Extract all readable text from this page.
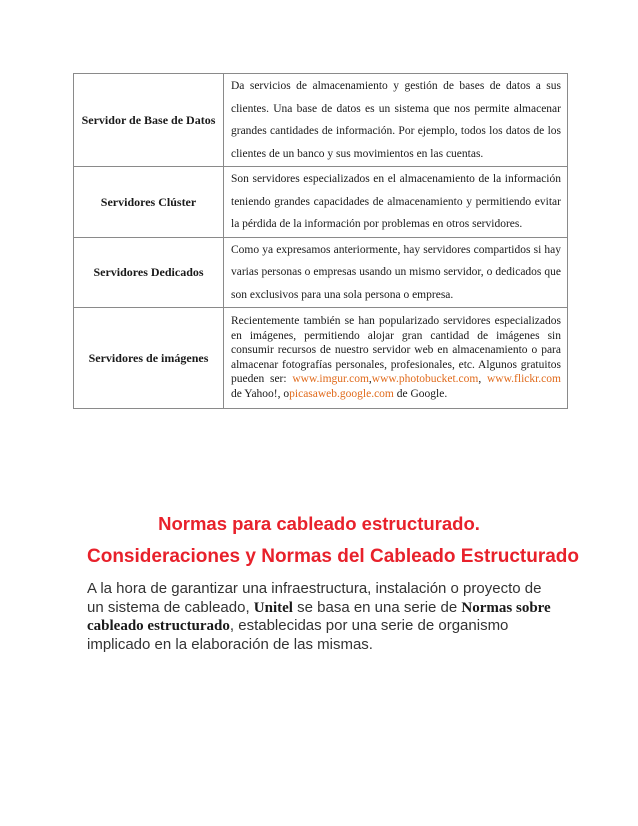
Servidor de Base de Datos	Da servicios de almacenamiento y gestión de bases de datos a sus clientes. Una base de datos es un sistema que nos permite almacenar grandes cantidades de información. Por ejemplo, todos los datos de los clientes de un banco y sus movimientos en las cuentas.
Servidores Clúster	Son servidores especializados en el almacenamiento de la información teniendo grandes capacidades de almacenamiento y permitiendo evitar la pérdida de la información por problemas en otros servidores.
Servidores Dedicados	Como ya expresamos anteriormente, hay servidores compartidos si hay varias personas o empresas usando un mismo servidor, o dedicados que son exclusivos para una sola persona o empresa.
Servidores de imágenes	Recientemente también se han popularizado servidores especializados en imágenes, permitiendo alojar gran cantidad de imágenes sin consumir recursos de nuestro servidor web en almacenamiento o para almacenar fotografías personales, profesionales, etc. Algunos gratuitos pueden ser: www.imgur.com,www.photobucket.com, www.flickr.com de Yahoo!, opicasaweb.google.com de Google.
Normas para cableado estructurado.
Consideraciones y Normas del Cableado Estructurado

A la hora de garantizar una infraestructura, instalación o proyecto de un sistema de cableado, Unitel se basa en una serie de Normas sobre cableado estructurado, establecidas por una serie de organismo implicado en la elaboración de las mismas.
